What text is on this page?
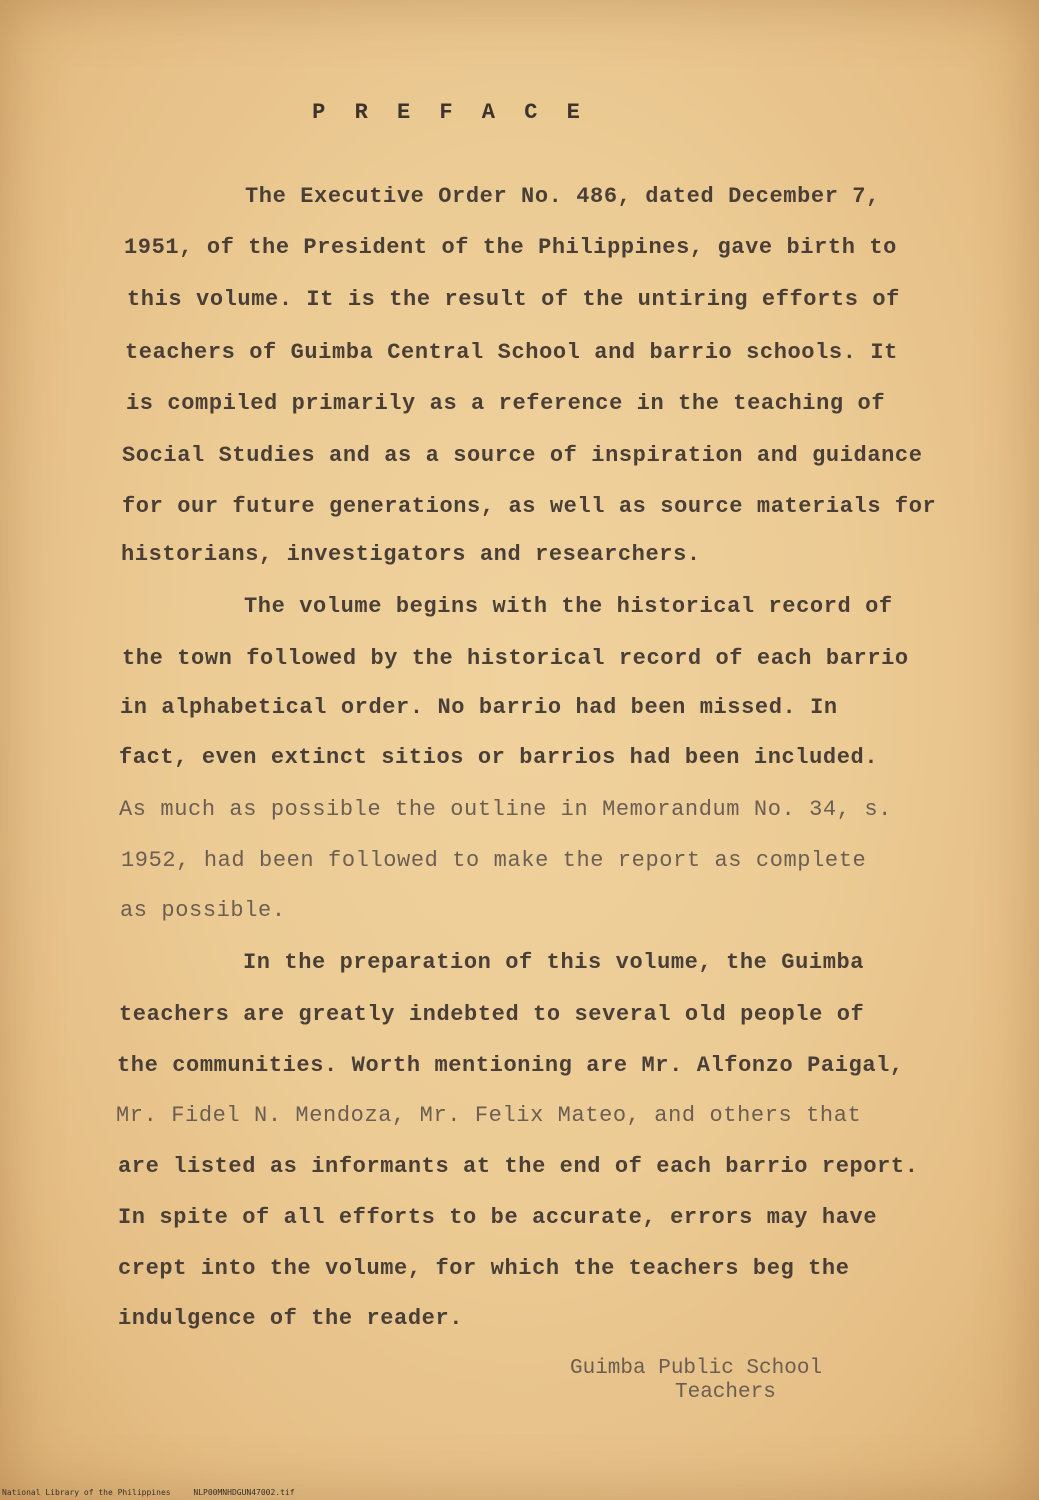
P R E F A C E
The Executive Order No. 486, dated December 7,
1951, of the President of the Philippines, gave birth to
this volume. It is the result of the untiring efforts of
teachers of Guimba Central School and barrio schools. It
is compiled primarily as a reference in the teaching of
Social Studies and as a source of inspiration and guidance
for our future generations, as well as source materials for
historians, investigators and researchers.
The volume begins with the historical record of
the town followed by the historical record of each barrio
in alphabetical order. No barrio had been missed. In
fact, even extinct sitios or barrios had been included.
As much as possible the outline in Memorandum No. 34, s.
1952, had been followed to make the report as complete
as possible.
In the preparation of this volume, the Guimba
teachers are greatly indebted to several old people of
the communities. Worth mentioning are Mr. Alfonzo Paigal,
Mr. Fidel N. Mendoza, Mr. Felix Mateo, and others that
are listed as informants at the end of each barrio report.
In spite of all efforts to be accurate, errors may have
crept into the volume, for which the teachers beg the
indulgence of the reader.
Guimba Public School
Teachers
National Library of the Philippines	NLP00MNHDGUN47002.tif
